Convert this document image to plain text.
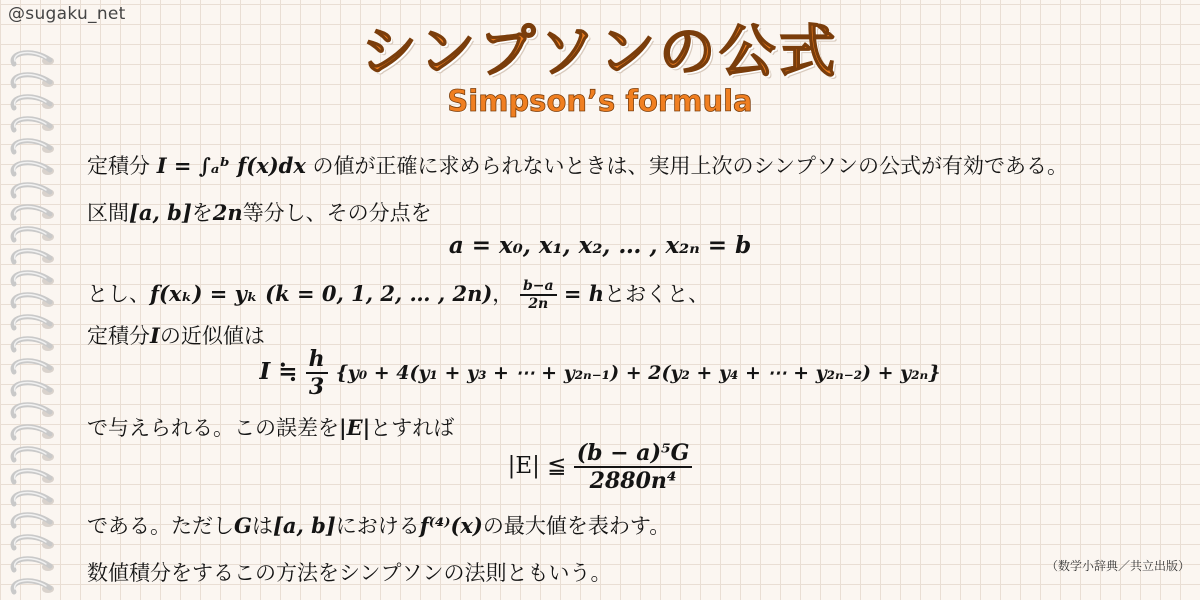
@sugaku_net
シンプソンの公式
Simpson’s formula
定積分 I = ∫ₐᵇ f(x)dx の値が正確に求められないときは、実用上次のシンプソンの公式が有効である。
区間[a, b]を2n等分し、その分点を
a = x₀, x₁, x₂, … , x₂ₙ = b
とし、f(xₖ) = yₖ (k = 0, 1, 2, … , 2n)， $\frac{b-a}{2n} = h$とおくと、
定積分Iの近似値は
I ≒ $\frac{h}{3} \{y_0 + 4(y_1 + y_3$ + ⋯ + y₂ₙ₋₁) + 2(y₂ + y₄ + ⋯ + y₂ₙ₋₂) + y₂ₙ}
で与えられる。この誤差を|E|とすれば
|E| ≦ $\frac{\text{(b − a)⁵G}}{\text{2880n⁴}}$
である。ただしGは[a, b]におけるf⁽⁴⁾(x)の最大値を表わす。
数値積分をするこの方法をシンプソンの法則ともいう。	（数学小辞典／共立出版）
